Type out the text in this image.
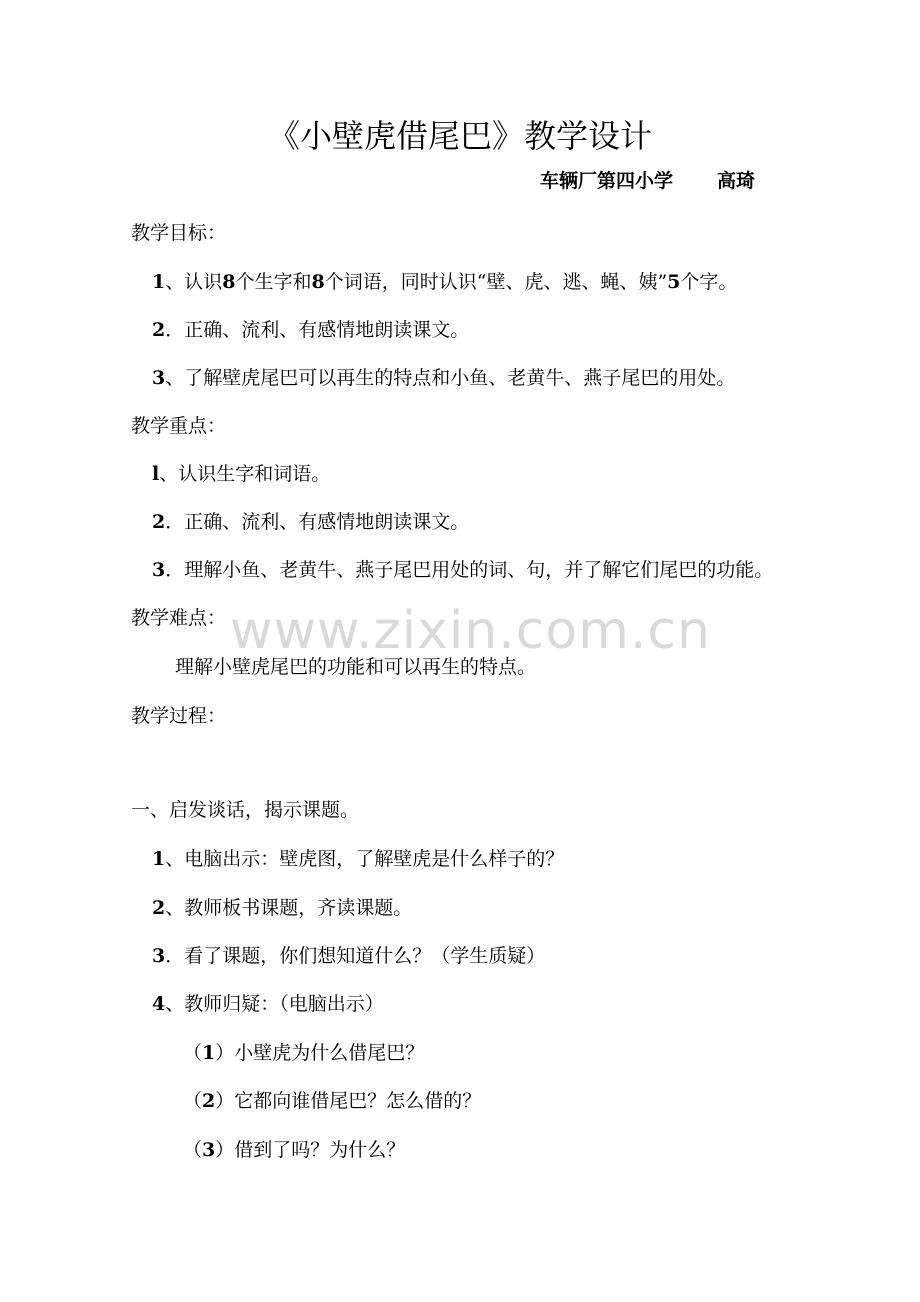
《小壁虎借尾巴》教学设计
车辆厂第四小学 高琦
教学目标：
1、认识8个生字和8个词语，同时认识“壁、虎、逃、蝇、姨”5个字。
2．正确、流利、有感情地朗读课文。
3、了解壁虎尾巴可以再生的特点和小鱼、老黄牛、燕子尾巴的用处。
教学重点：
l、认识生字和词语。
2．正确、流利、有感情地朗读课文。
3．理解小鱼、老黄牛、燕子尾巴用处的词、句，并了解它们尾巴的功能。
教学难点：
理解小壁虎尾巴的功能和可以再生的特点。
教学过程：
一、启发谈话，揭示课题。
1、电脑出示：壁虎图，了解壁虎是什么样子的？
2、教师板书课题，齐读课题。
3．看了课题，你们想知道什么？（学生质疑）
4、教师归疑：（电脑出示）
（1）小壁虎为什么借尾巴？
（2）它都向谁借尾巴？怎么借的？
（3）借到了吗？为什么？
www.zixin.com.cn
